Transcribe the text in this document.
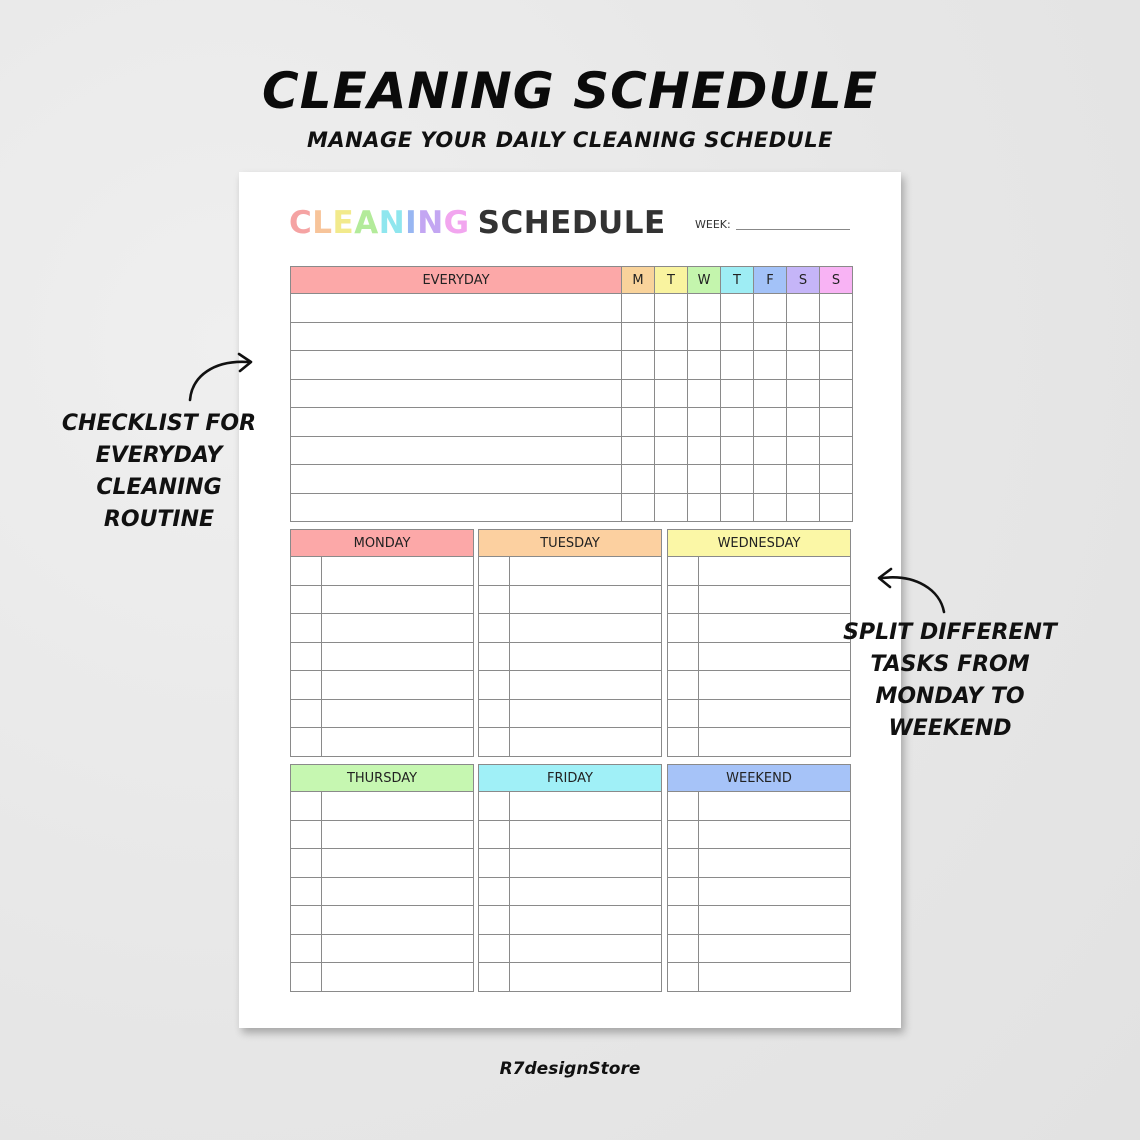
CLEANING SCHEDULE
MANAGE YOUR DAILY CLEANING SCHEDULE
CLEANING SCHEDULE	WEEK:
EVERYDAY	M	T	W	T	F	S	S

MONDAY	

		TUESDAY	

		WEDNESDAY	

THURSDAY	

		FRIDAY	

		WEEKEND	

CHECKLIST FOR
EVERYDAY
CLEANING
ROUTINE
SPLIT DIFFERENT
TASKS FROM
MONDAY TO
WEEKEND
R7designStore
